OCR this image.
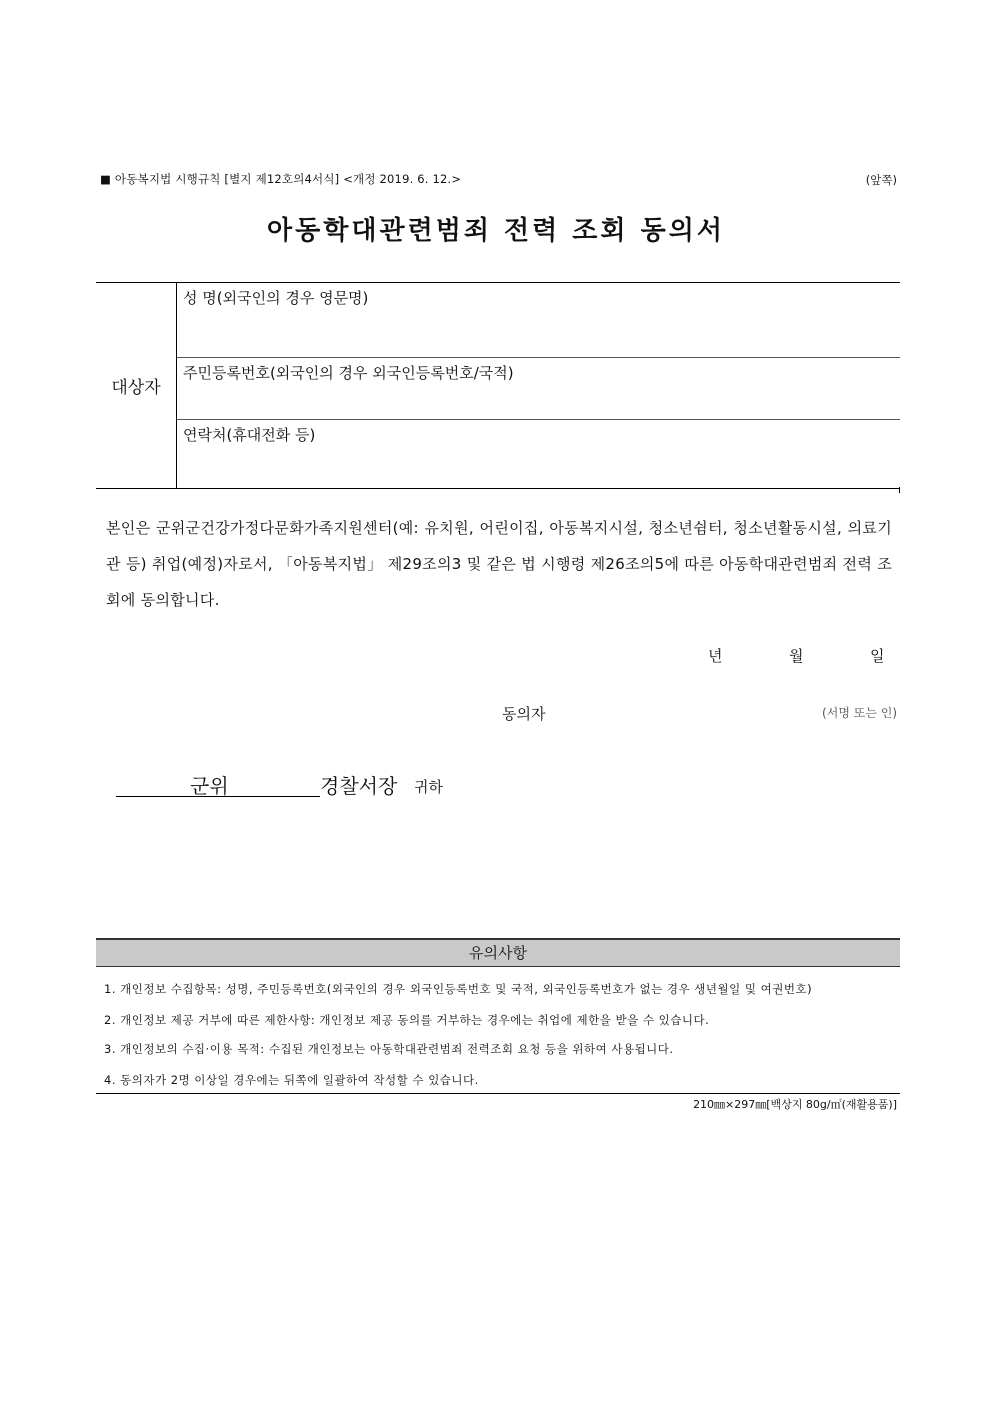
■ 아동복지법 시행규칙 [별지 제12호의4서식] <개정 2019. 6. 12.>	(앞쪽)
아동학대관련범죄 전력 조회 동의서
대상자
성 명(외국인의 경우 영문명)
주민등록번호(외국인의 경우 외국인등록번호/국적)
연락처(휴대전화 등)
본인은 군위군건강가정다문화가족지원센터(예: 유치원, 어린이집, 아동복지시설, 청소년쉼터, 청소년활동시설, 의료기관 등) 취업(예정)자로서, 「아동복지법」 제29조의3 및 같은 법 시행령 제26조의5에 따른 아동학대관련범죄 전력 조회에 동의합니다.
년	월	일
동의자	(서명 또는 인)
군위	경찰서장 귀하
유의사항
1. 개인정보 수집항목: 성명, 주민등록번호(외국인의 경우 외국인등록번호 및 국적, 외국인등록번호가 없는 경우 생년월일 및 여권번호)
2. 개인정보 제공 거부에 따른 제한사항: 개인정보 제공 동의를 거부하는 경우에는 취업에 제한을 받을 수 있습니다.
3. 개인정보의 수집·이용 목적: 수집된 개인정보는 아동학대관련범죄 전력조회 요청 등을 위하여 사용됩니다.
4. 동의자가 2명 이상일 경우에는 뒤쪽에 일괄하여 작성할 수 있습니다.
210㎜×297㎜[백상지 80g/㎡(재활용품)]
